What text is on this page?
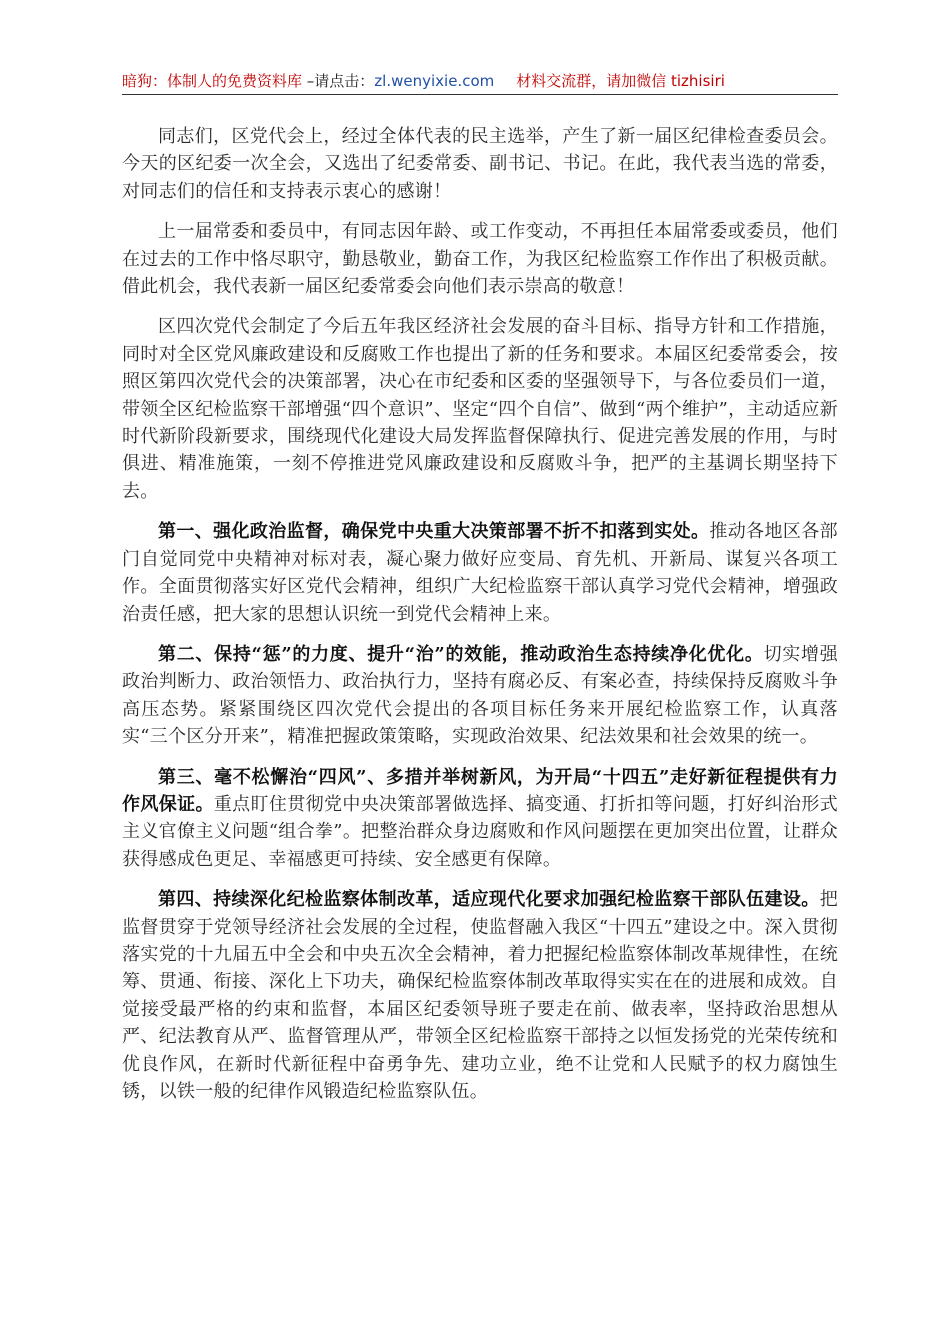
暗狗：体制人的免费资料库 –请点击：zl.wenyixie.com 材料交流群，请加微信 tizhisiri

同志们，区党代会上，经过全体代表的民主选举，产生了新一届区纪律检查委员会。今天的区纪委一次全会，又选出了纪委常委、副书记、书记。在此，我代表当选的常委，对同志们的信任和支持表示衷心的感谢！

上一届常委和委员中，有同志因年龄、或工作变动，不再担任本届常委或委员，他们在过去的工作中恪尽职守，勤恳敬业，勤奋工作，为我区纪检监察工作作出了积极贡献。借此机会，我代表新一届区纪委常委会向他们表示崇高的敬意！

区四次党代会制定了今后五年我区经济社会发展的奋斗目标、指导方针和工作措施，同时对全区党风廉政建设和反腐败工作也提出了新的任务和要求。本届区纪委常委会，按照区第四次党代会的决策部署，决心在市纪委和区委的坚强领导下，与各位委员们一道，带领全区纪检监察干部增强“四个意识”、坚定“四个自信”、做到“两个维护”，主动适应新时代新阶段新要求，围绕现代化建设大局发挥监督保障执行、促进完善发展的作用，与时俱进、精准施策，一刻不停推进党风廉政建设和反腐败斗争，把严的主基调长期坚持下去。

第一、强化政治监督，确保党中央重大决策部署不折不扣落到实处。推动各地区各部门自觉同党中央精神对标对表，凝心聚力做好应变局、育先机、开新局、谋复兴各项工作。全面贯彻落实好区党代会精神，组织广大纪检监察干部认真学习党代会精神，增强政治责任感，把大家的思想认识统一到党代会精神上来。

第二、保持“惩”的力度、提升“治”的效能，推动政治生态持续净化优化。切实增强政治判断力、政治领悟力、政治执行力，坚持有腐必反、有案必查，持续保持反腐败斗争高压态势。紧紧围绕区四次党代会提出的各项目标任务来开展纪检监察工作，认真落实“三个区分开来”，精准把握政策策略，实现政治效果、纪法效果和社会效果的统一。

第三、毫不松懈治“四风”、多措并举树新风，为开局“十四五”走好新征程提供有力作风保证。重点盯住贯彻党中央决策部署做选择、搞变通、打折扣等问题，打好纠治形式主义官僚主义问题“组合拳”。把整治群众身边腐败和作风问题摆在更加突出位置，让群众获得感成色更足、幸福感更可持续、安全感更有保障。

第四、持续深化纪检监察体制改革，适应现代化要求加强纪检监察干部队伍建设。把监督贯穿于党领导经济社会发展的全过程，使监督融入我区“十四五”建设之中。深入贯彻落实党的十九届五中全会和中央五次全会精神，着力把握纪检监察体制改革规律性，在统筹、贯通、衔接、深化上下功夫，确保纪检监察体制改革取得实实在在的进展和成效。自觉接受最严格的约束和监督，本届区纪委领导班子要走在前、做表率，坚持政治思想从严、纪法教育从严、监督管理从严，带领全区纪检监察干部持之以恒发扬党的光荣传统和优良作风，在新时代新征程中奋勇争先、建功立业，绝不让党和人民赋予的权力腐蚀生锈，以铁一般的纪律作风锻造纪检监察队伍。
